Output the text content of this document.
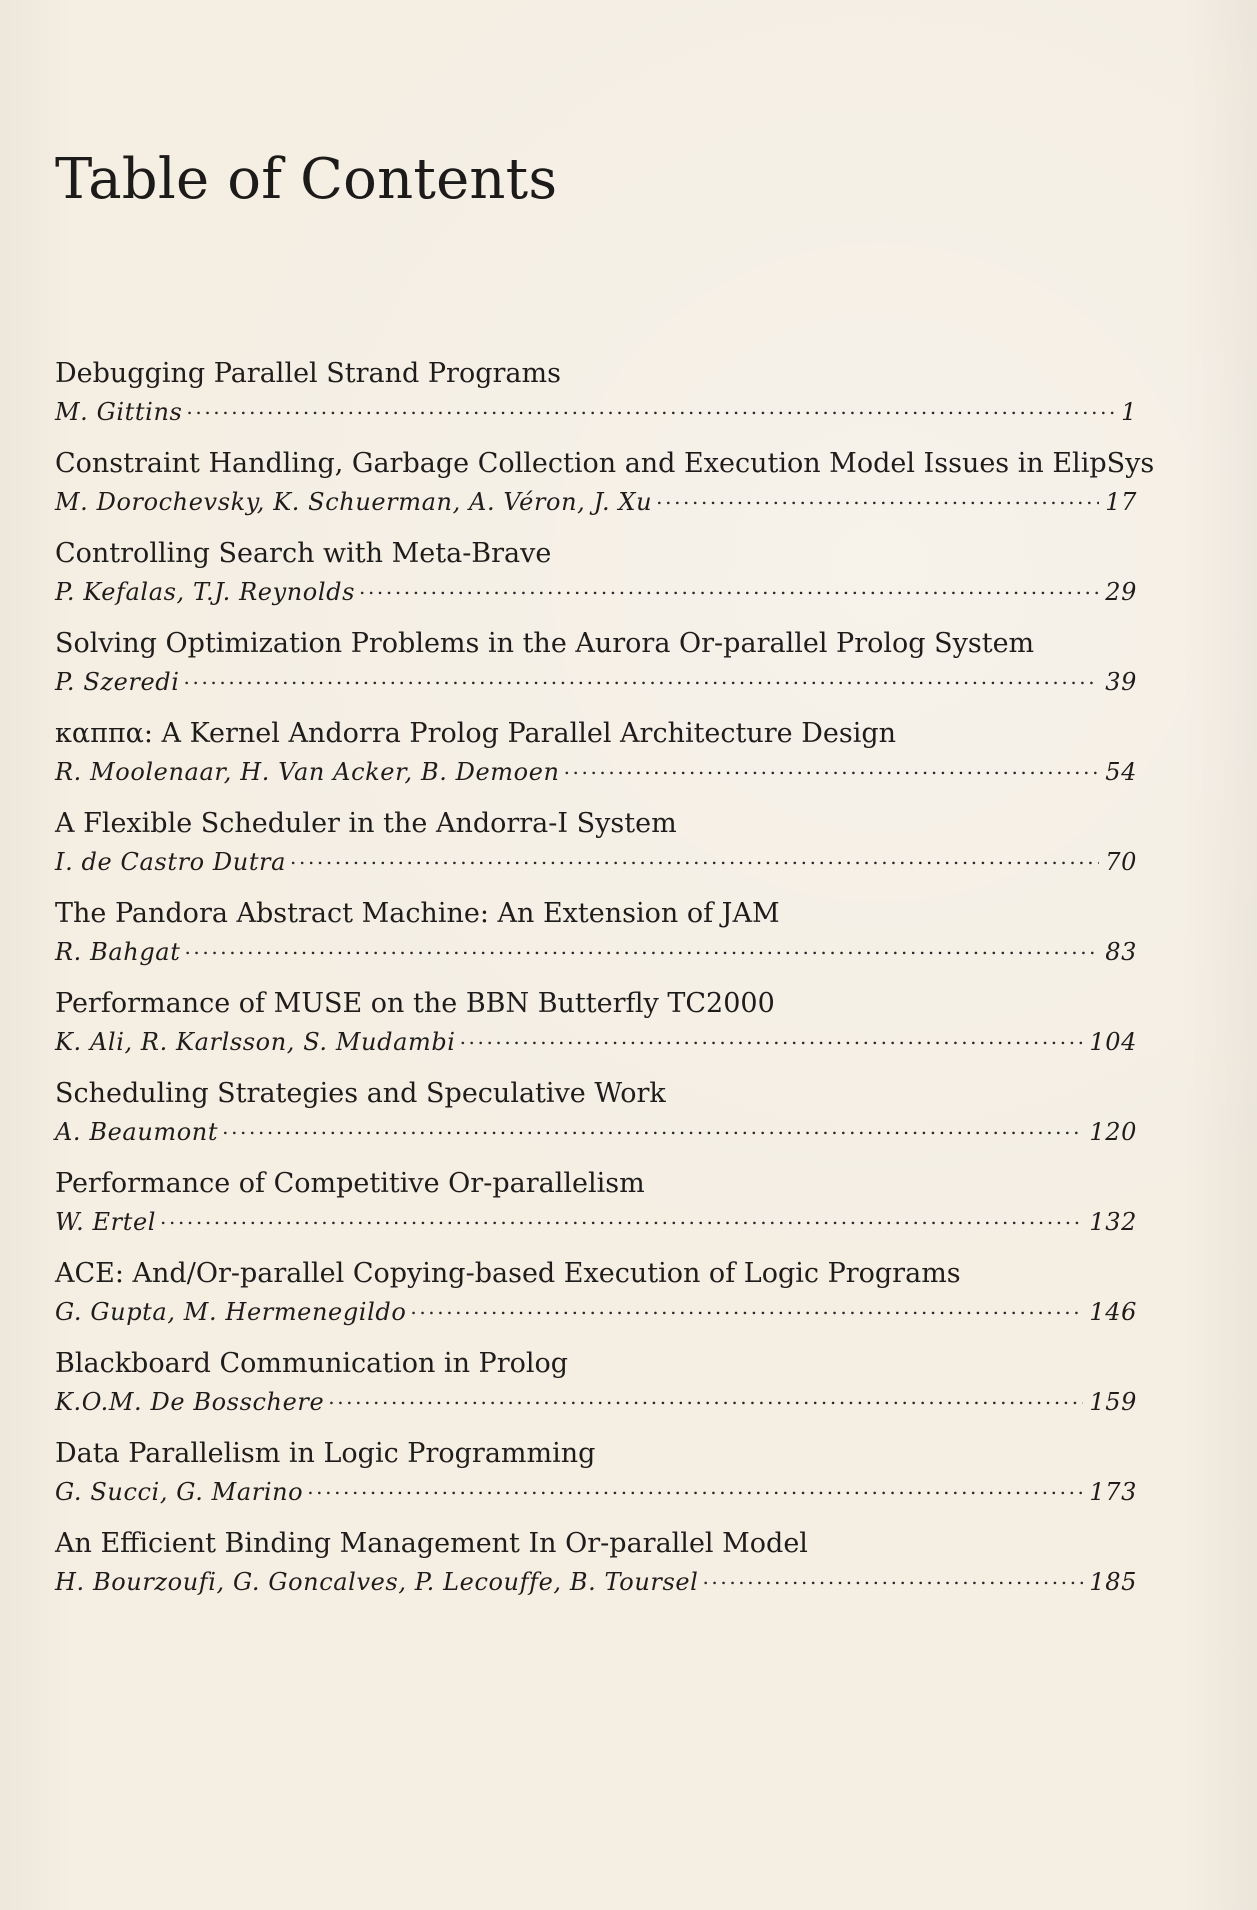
Table of Contents
Debugging Parallel Strand Programs
M. Gittins .....	1
Constraint Handling, Garbage Collection and Execution Model Issues in ElipSys
M. Dorochevsky, K. Schuerman, A. Véron, J. Xu .....	17
Controlling Search with Meta-Brave
P. Kefalas, T.J. Reynolds .....	29
Solving Optimization Problems in the Aurora Or-parallel Prolog System
P. Szeredi .....	39
καππα: A Kernel Andorra Prolog Parallel Architecture Design
R. Moolenaar, H. Van Acker, B. Demoen .....	54
A Flexible Scheduler in the Andorra-I System
I. de Castro Dutra .....	70
The Pandora Abstract Machine: An Extension of JAM
R. Bahgat .....	83
Performance of MUSE on the BBN Butterfly TC2000
K. Ali, R. Karlsson, S. Mudambi .....	104
Scheduling Strategies and Speculative Work
A. Beaumont .....	120
Performance of Competitive Or-parallelism
W. Ertel .....	132
ACE: And/Or-parallel Copying-based Execution of Logic Programs
G. Gupta, M. Hermenegildo .....	146
Blackboard Communication in Prolog
K.O.M. De Bosschere .....	159
Data Parallelism in Logic Programming
G. Succi, G. Marino .....	173
An Efficient Binding Management In Or-parallel Model
H. Bourzoufi, G. Goncalves, P. Lecouffe, B. Toursel .....	185
